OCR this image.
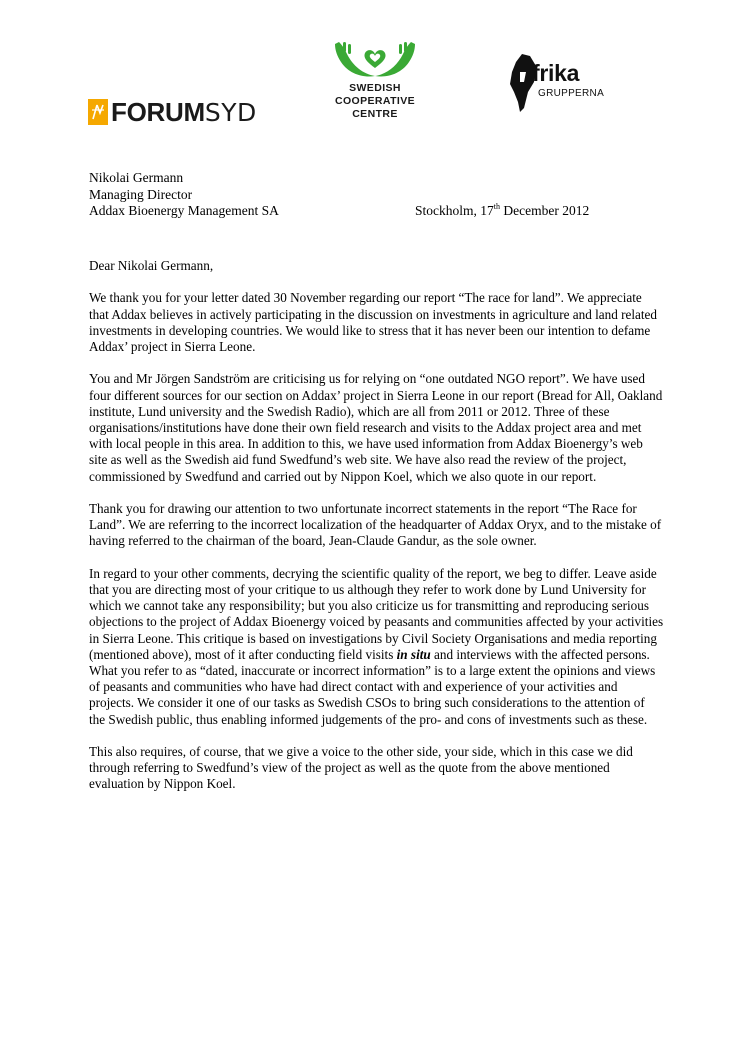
FORUM SYD
SWEDISH
COOPERATIVE
CENTRE
frika
GRUPPERNA
Nikolai Germann
Managing Director
Addax Bioenergy Management SA	Stockholm, 17th December 2012

Dear Nikolai Germann,

We thank you for your letter dated 30 November regarding our report “The race for land”. We appreciate that Addax believes in actively participating in the discussion on investments in agriculture and land related investments in developing countries. We would like to stress that it has never been our intention to defame Addax’ project in Sierra Leone.

You and Mr Jörgen Sandström are criticising us for relying on “one outdated NGO report”. We have used four different sources for our section on Addax’ project in Sierra Leone in our report (Bread for All, Oakland institute, Lund university and the Swedish Radio), which are all from 2011 or 2012. Three of these organisations/institutions have done their own field research and visits to the Addax project area and met with local people in this area. In addition to this, we have used information from Addax Bioenergy’s web site as well as the Swedish aid fund Swedfund’s web site. We have also read the review of the project, commissioned by Swedfund and carried out by Nippon Koel, which we also quote in our report.

Thank you for drawing our attention to two unfortunate incorrect statements in the report “The Race for Land”. We are referring to the incorrect localization of the headquarter of Addax Oryx, and to the mistake of having referred to the chairman of the board, Jean-Claude Gandur, as the sole owner.

In regard to your other comments, decrying the scientific quality of the report, we beg to differ. Leave aside that you are directing most of your critique to us although they refer to work done by Lund University for which we cannot take any responsibility; but you also criticize us for transmitting and reproducing serious objections to the project of Addax Bioenergy voiced by peasants and communities affected by your activities in Sierra Leone. This critique is based on investigations by Civil Society Organisations and media reporting (mentioned above), most of it after conducting field visits in situ and interviews with the affected persons. What you refer to as “dated, inaccurate or incorrect information” is to a large extent the opinions and views of peasants and communities who have had direct contact with and experience of your activities and projects. We consider it one of our tasks as Swedish CSOs to bring such considerations to the attention of the Swedish public, thus enabling informed judgements of the pro- and cons of investments such as these.

This also requires, of course, that we give a voice to the other side, your side, which in this case we did through referring to Swedfund’s view of the project as well as the quote from the above mentioned evaluation by Nippon Koel.
